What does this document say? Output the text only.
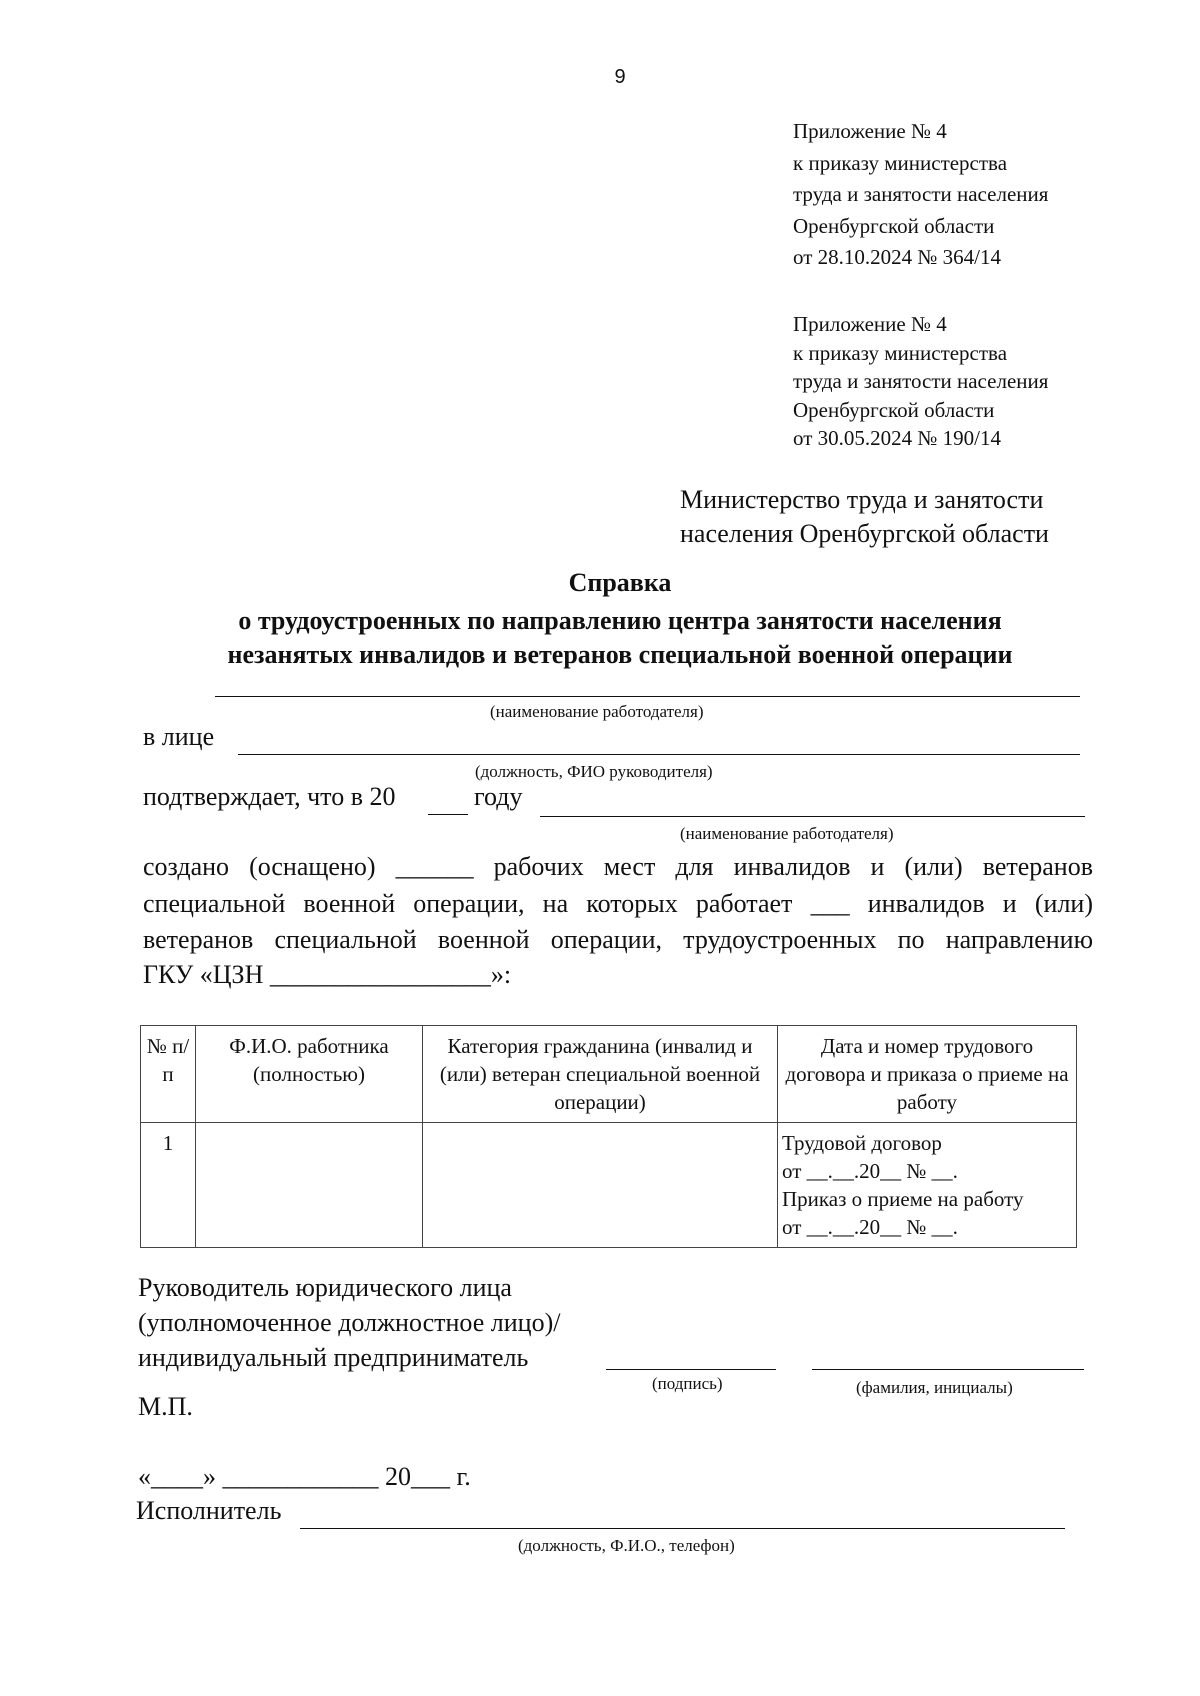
9
Приложение № 4
к приказу министерства
труда и занятости населения
Оренбургской области
от 28.10.2024 № 364/14
Приложение № 4
к приказу министерства
труда и занятости населения
Оренбургской области
от 30.05.2024 № 190/14
Министерство труда и занятости
населения Оренбургской области
Справка
о трудоустроенных по направлению центра занятости населения
незанятых инвалидов и ветеранов специальной военной операции
(наименование работодателя)
в лице
(должность, ФИО руководителя)
подтверждает, что в 20	году
(наименование работодателя)
создано (оснащено) ______ рабочих мест для инвалидов и (или) ветеранов
специальной военной операции, на которых работает ___ инвалидов и (или)
ветеранов специальной военной операции, трудоустроенных по направлению
ГКУ «ЦЗН _________________»:
№ п/п	Ф.И.О. работника (полностью)	Категория гражданина (инвалид и (или) ветеран специальной военной операции)	Дата и номер трудового договора и приказа о приеме на работу
1			Трудовой договор
от __.__.20__ № __.
Приказ о приеме на работу
от __.__.20__ № __.
Руководитель юридического лица
(уполномоченное должностное лицо)/
индивидуальный предприниматель
(подпись)	(фамилия, инициалы)
М.П.
«____» ____________ 20___ г.
Исполнитель
(должность, Ф.И.О., телефон)
